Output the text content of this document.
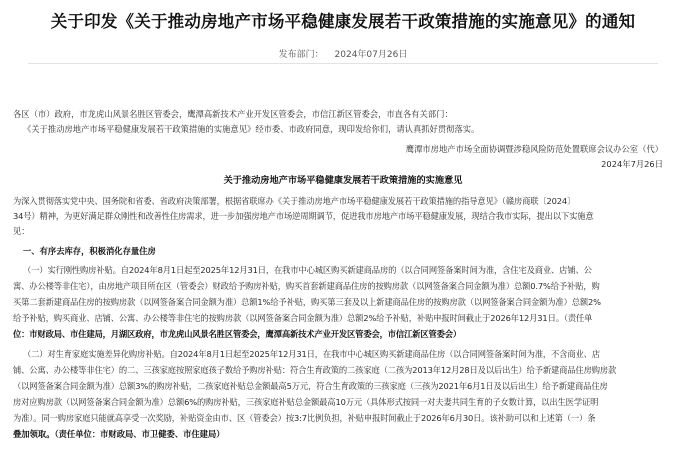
关于印发《关于推动房地产市场平稳健康发展若干政策措施的实施意见》的通知
发布部门： 2024年07月26日
各区（市）政府，市龙虎山风景名胜区管委会，鹰潭高新技术产业开发区管委会，市信江新区管委会，市直各有关部门：
《关于推动房地产市场平稳健康发展若干政策措施的实施意见》经市委、市政府同意，现印发给你们，请认真抓好贯彻落实。
鹰潭市房地产市场全面协调暨涉稳风险防范处置联席会议办公室（代）
2024年7月26日
关于推动房地产市场平稳健康发展若干政策措施的实施意见
为深入贯彻落实党中央、国务院和省委、省政府决策部署，根据省联席办《关于推动房地产市场平稳健康发展若干政策措施的指导意见》（赣房商联〔2024〕
34号）精神，为更好满足群众刚性和改善性住房需求，进一步加强房地产市场逆周期调节，促进我市房地产市场平稳健康发展，现结合我市实际，提出以下实施意
见：
一、有序去库存，积极消化存量住房
（一）实行刚性购房补贴。自2024年8月1日起至2025年12月31日，在我市中心城区购买新建商品房的（以合同网签备案时间为准，含住宅及商业、店铺、公
寓、办公楼等非住宅），由房地产项目所在区（管委会）财政给予购房补贴，购买首套新建商品住房的按购房款（以网签备案合同金额为准）总额0.7%给予补贴，购
买第二套新建商品住房的按购房款（以网签备案合同金额为准）总额1%给予补贴，购买第三套及以上新建商品住房的按购房款（以网签备案合同金额为准）总额2%
给予补贴，购买商业、店铺、公寓、办公楼等非住宅的按购房款（以网签备案合同金额为准）总额2%给予补贴，补贴申报时间截止于2026年12月31日。（责任单
位：市财政局、市住建局，月湖区政府，市龙虎山风景名胜区管委会，鹰潭高新技术产业开发区管委会，市信江新区管委会）
（二）对生育家庭实施差异化购房补贴。自2024年8月1日起至2025年12月31日，在我市中心城区购买新建商品住房（以合同网签备案时间为准，不含商业、店
铺、公寓、办公楼等非住宅）的二、三孩家庭按照家庭孩子数给予购房补贴：符合生育政策的二孩家庭（二孩为2013年12月28日及以后出生）给予新建商品住房购房款
（以网签备案合同金额为准）总额3%的购房补贴，二孩家庭补贴总金额最高5万元，符合生育政策的三孩家庭（三孩为2021年6月1日及以后出生）给予新建商品住房
房对应购房款（以网签备案合同金额为准）总额6%的购房补贴，三孩家庭补贴总金额最高10万元（具体形式按同一对夫妻共同生育的子女数计算，以出生医学证明
为准）。同一购房家庭只能就高享受一次奖励，补贴资金由市、区（管委会）按3:7比例负担，补贴申报时间截止于2026年6月30日。该补助可以和上述第（一）条
叠加领取。（责任单位：市财政局、市卫健委、市住建局）
